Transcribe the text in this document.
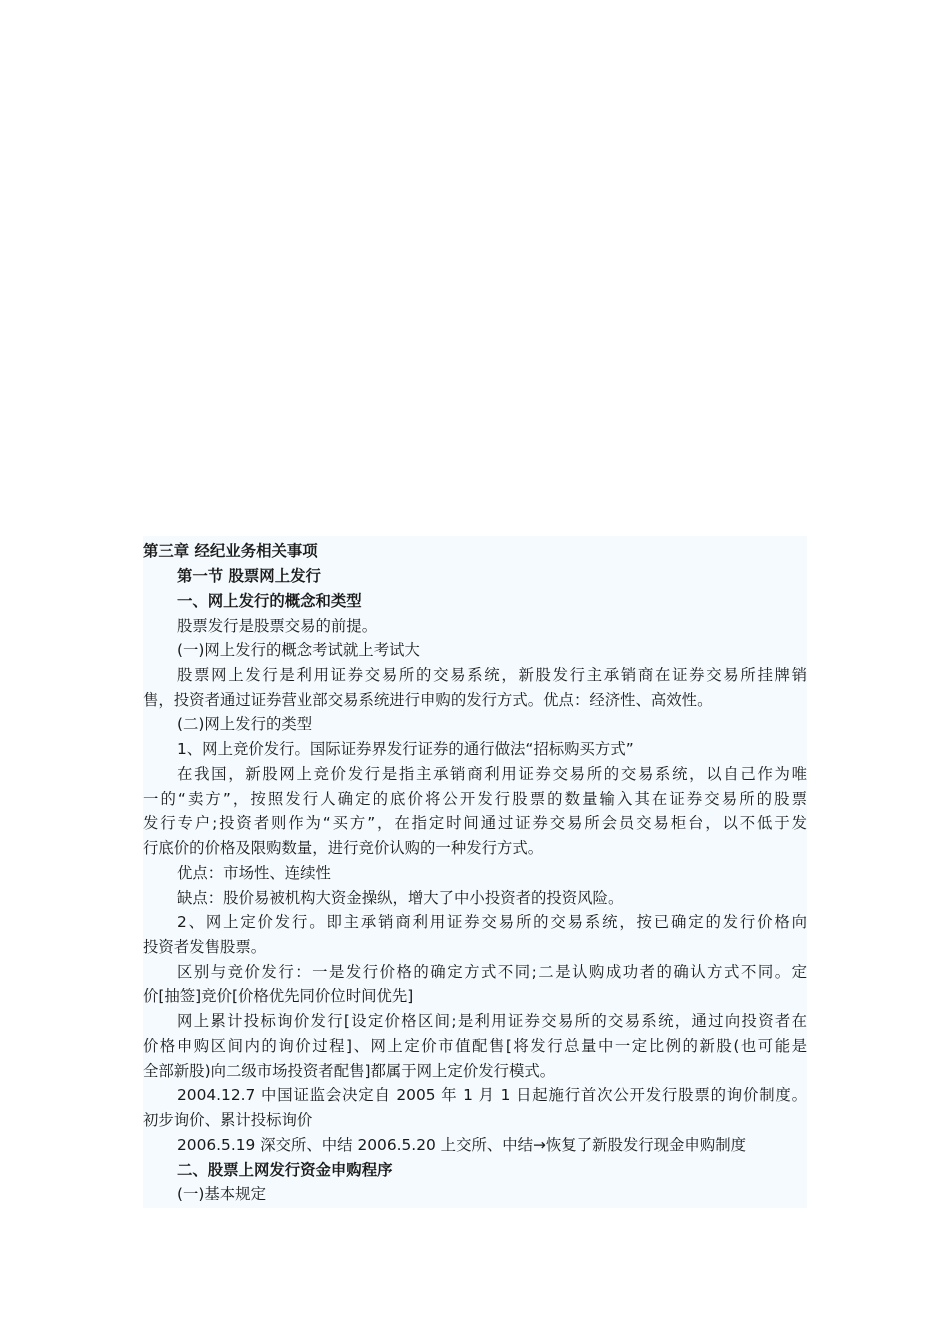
第三章 经纪业务相关事项
第一节 股票网上发行
一、网上发行的概念和类型
股票发行是股票交易的前提。
(一)网上发行的概念考试就上考试大
股票网上发行是利用证券交易所的交易系统，新股发行主承销商在证券交易所挂牌销
售，投资者通过证券营业部交易系统进行申购的发行方式。优点：经济性、高效性。
(二)网上发行的类型
1、网上竞价发行。国际证券界发行证券的通行做法“招标购买方式”
在我国，新股网上竞价发行是指主承销商利用证券交易所的交易系统，以自己作为唯
一的“卖方”，按照发行人确定的底价将公开发行股票的数量输入其在证券交易所的股票
发行专户;投资者则作为“买方”，在指定时间通过证券交易所会员交易柜台，以不低于发
行底价的价格及限购数量，进行竞价认购的一种发行方式。
优点：市场性、连续性
缺点：股价易被机构大资金操纵，增大了中小投资者的投资风险。
2、网上定价发行。即主承销商利用证券交易所的交易系统，按已确定的发行价格向
投资者发售股票。
区别与竞价发行：一是发行价格的确定方式不同;二是认购成功者的确认方式不同。定
价[抽签]竞价[价格优先同价位时间优先]
网上累计投标询价发行[设定价格区间;是利用证券交易所的交易系统，通过向投资者在
价格申购区间内的询价过程]、网上定价市值配售[将发行总量中一定比例的新股(也可能是
全部新股)向二级市场投资者配售]都属于网上定价发行模式。
2004.12.7 中国证监会决定自 2005 年 1 月 1 日起施行首次公开发行股票的询价制度。
初步询价、累计投标询价
2006.5.19 深交所、中结 2006.5.20 上交所、中结→恢复了新股发行现金申购制度
二、股票上网发行资金申购程序
(一)基本规定
